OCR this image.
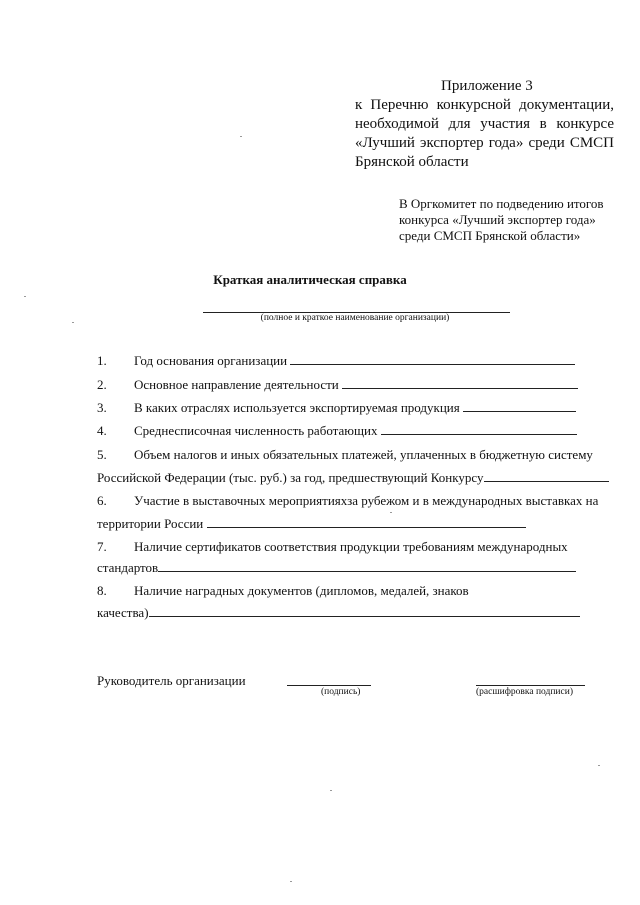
Приложение 3
к Перечню конкурсной документации,
необходимой для участия в конкурсе
«Лучший экспортер года» среди СМСП
Брянской области
В Оргкомитет по подведению итогов
конкурса «Лучший экспортер года»
среди СМСП Брянской области»
Краткая аналитическая справка
(полное и краткое наименование организации)
1. Год основания организации
2. Основное направление деятельности
3. В каких отраслях используется экспортируемая продукция
4. Среднесписочная численность работающих
5. Объем налогов и иных обязательных платежей, уплаченных в бюджетную систему
Российской Федерации (тыс. руб.) за год, предшествующий Конкурсу
6. Участие в выставочных мероприятияхза рубежом и в международных выставках на
территории России
7. Наличие сертификатов соответствия продукции требованиям международных
стандартов
8. Наличие наградных документов (дипломов, медалей, знаков
качества)
Руководитель организации
(подпись)	(расшифровка подписи)
